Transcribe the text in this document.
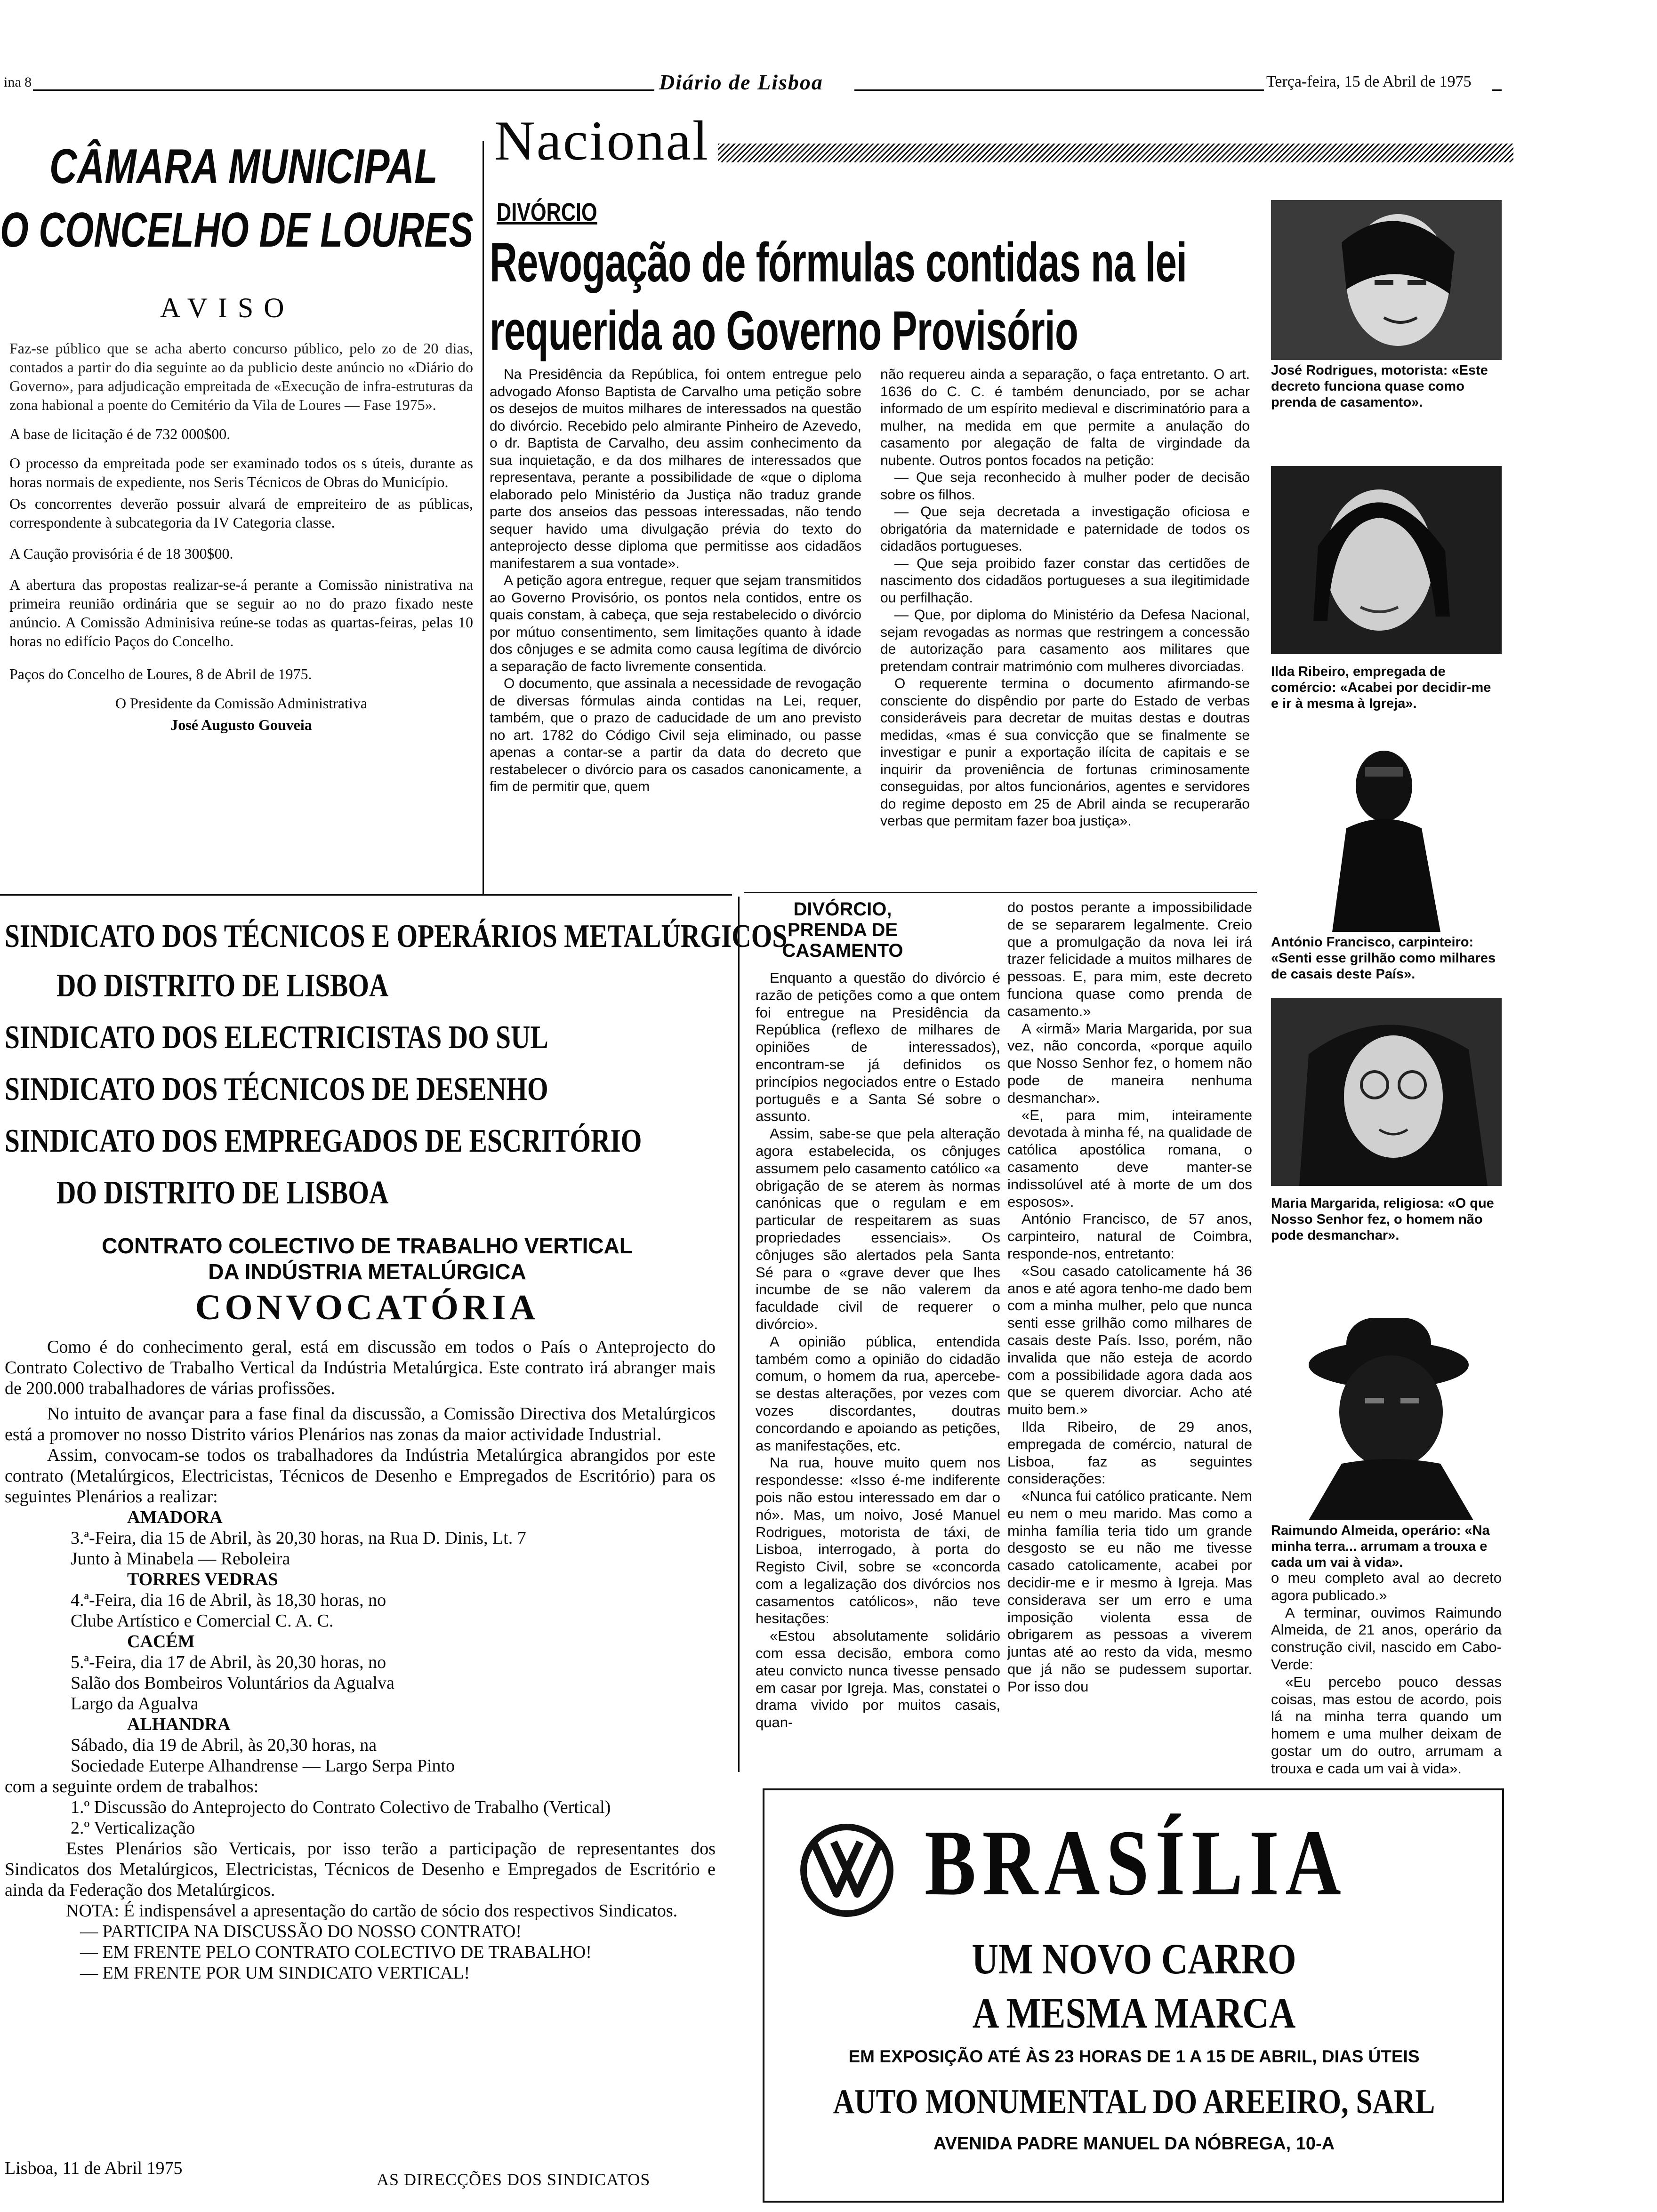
ina 8	Diário de Lisboa	Terça-feira, 15 de Abril de 1975
CÂMARA MUNICIPAL
O CONCELHO DE LOURES
AVISO

Faz-se público que se acha aberto concurso público, pelo zo de 20 dias, contados a partir do dia seguinte ao da publicio deste anúncio no «Diário do Governo», para adjudicação empreitada de «Execução de infra-estruturas da zona habional a poente do Cemitério da Vila de Loures — Fase 1975».

A base de licitação é de 732 000$00.

O processo da empreitada pode ser examinado todos os s úteis, durante as horas normais de expediente, nos Seris Técnicos de Obras do Município.

Os concorrentes deverão possuir alvará de empreiteiro de as públicas, correspondente à subcategoria da IV Categoria classe.

A Caução provisória é de 18 300$00.

A abertura das propostas realizar-se-á perante a Comissão ninistrativa na primeira reunião ordinária que se seguir ao no do prazo fixado neste anúncio. A Comissão Adminisiva reúne-se todas as quartas-feiras, pelas 10 horas no edifício Paços do Concelho.

Paços do Concelho de Loures, 8 de Abril de 1975.

O Presidente da Comissão Administrativa

José Augusto Gouveia

Nacional
DIVÓRCIO
Revogação de fórmulas contidas na lei
requerida ao Governo Provisório

Na Presidência da República, foi ontem entregue pelo advogado Afonso Baptista de Carvalho uma petição sobre os desejos de muitos milhares de interessados na questão do divórcio. Recebido pelo almirante Pinheiro de Azevedo, o dr. Baptista de Carvalho, deu assim conhecimento da sua inquietação, e da dos milhares de interessados que representava, perante a possibilidade de «que o diploma elaborado pelo Ministério da Justiça não traduz grande parte dos anseios das pessoas interessadas, não tendo sequer havido uma divulgação prévia do texto do anteprojecto desse diploma que permitisse aos cidadãos manifestarem a sua vontade».

A petição agora entregue, requer que sejam transmitidos ao Governo Provisório, os pontos nela contidos, entre os quais constam, à cabeça, que seja restabelecido o divórcio por mútuo consentimento, sem limitações quanto à idade dos cônjuges e se admita como causa legítima de divórcio a separação de facto livremente consentida.

O documento, que assinala a necessidade de revogação de diversas fórmulas ainda contidas na Lei, requer, também, que o prazo de caducidade de um ano previsto no art. 1782 do Código Civil seja eliminado, ou passe apenas a contar-se a partir da data do decreto que restabelecer o divórcio para os casados canonicamente, a fim de permitir que, quem

não requereu ainda a separação, o faça entretanto. O art. 1636 do C. C. é também denunciado, por se achar informado de um espírito medieval e discriminatório para a mulher, na medida em que permite a anulação do casamento por alegação de falta de virgindade da nubente. Outros pontos focados na petição:

— Que seja reconhecido à mulher poder de decisão sobre os filhos.

— Que seja decretada a investigação oficiosa e obrigatória da maternidade e paternidade de todos os cidadãos portugueses.

— Que seja proibido fazer constar das certidões de nascimento dos cidadãos portugueses a sua ilegitimidade ou perfilhação.

— Que, por diploma do Ministério da Defesa Nacional, sejam revogadas as normas que restringem a concessão de autorização para casamento aos militares que pretendam contrair matrimónio com mulheres divorciadas.

O requerente termina o documento afirmando-se consciente do dispêndio por parte do Estado de verbas consideráveis para decretar de muitas destas e doutras medidas, «mas é sua convicção que se finalmente se investigar e punir a exportação ilícita de capitais e se inquirir da proveniência de fortunas criminosamente conseguidas, por altos funcionários, agentes e servidores do regime deposto em 25 de Abril ainda se recuperarão verbas que permitam fazer boa justiça».

José Rodrigues, motorista: «Este decreto funciona quase como prenda de casamento».
Ilda Ribeiro, empregada de comércio: «Acabei por decidir-me e ir à mesma à Igreja».
António Francisco, carpinteiro: «Senti esse grilhão como milhares de casais deste País».
Maria Margarida, religiosa: «O que Nosso Senhor fez, o homem não pode desmanchar».
Raimundo Almeida, operário: «Na minha terra... arrumam a trouxa e cada um vai à vida».
DIVÓRCIO, PRENDA DE CASAMENTO

Enquanto a questão do divórcio é razão de petições como a que ontem foi entregue na Presidência da República (reflexo de milhares de opiniões de interessados), encontram-se já definidos os princípios negociados entre o Estado português e a Santa Sé sobre o assunto.

Assim, sabe-se que pela alteração agora estabelecida, os cônjuges assumem pelo casamento católico «a obrigação de se aterem às normas canónicas que o regulam e em particular de respeitarem as suas propriedades essenciais». Os cônjuges são alertados pela Santa Sé para o «grave dever que lhes incumbe de se não valerem da faculdade civil de requerer o divórcio».

A opinião pública, entendida também como a opinião do cidadão comum, o homem da rua, apercebe-se destas alterações, por vezes com vozes discordantes, doutras concordando e apoiando as petições, as manifestações, etc.

Na rua, houve muito quem nos respondesse: «Isso é-me indiferente pois não estou interessado em dar o nó». Mas, um noivo, José Manuel Rodrigues, motorista de táxi, de Lisboa, interrogado, à porta do Registo Civil, sobre se «concorda com a legalização dos divórcios nos casamentos católicos», não teve hesitações:

«Estou absolutamente solidário com essa decisão, embora como ateu convicto nunca tivesse pensado em casar por Igreja. Mas, constatei o drama vivido por muitos casais, quan-

do postos perante a impossibilidade de se separarem legalmente. Creio que a promulgação da nova lei irá trazer felicidade a muitos milhares de pessoas. E, para mim, este decreto funciona quase como prenda de casamento.»

A «irmã» Maria Margarida, por sua vez, não concorda, «porque aquilo que Nosso Senhor fez, o homem não pode de maneira nenhuma desmanchar».

«E, para mim, inteiramente devotada à minha fé, na qualidade de católica apostólica romana, o casamento deve manter-se indissolúvel até à morte de um dos esposos».

António Francisco, de 57 anos, carpinteiro, natural de Coimbra, responde-nos, entretanto:

«Sou casado catolicamente há 36 anos e até agora tenho-me dado bem com a minha mulher, pelo que nunca senti esse grilhão como milhares de casais deste País. Isso, porém, não invalida que não esteja de acordo com a possibilidade agora dada aos que se querem divorciar. Acho até muito bem.»

Ilda Ribeiro, de 29 anos, empregada de comércio, natural de Lisboa, faz as seguintes considerações:

«Nunca fui católico praticante. Nem eu nem o meu marido. Mas como a minha família teria tido um grande desgosto se eu não me tivesse casado catolicamente, acabei por decidir-me e ir mesmo à Igreja. Mas considerava ser um erro e uma imposição violenta essa de obrigarem as pessoas a viverem juntas até ao resto da vida, mesmo que já não se pudessem suportar. Por isso dou

o meu completo aval ao decreto agora publicado.»

A terminar, ouvimos Raimundo Almeida, de 21 anos, operário da construção civil, nascido em Cabo-Verde:

«Eu percebo pouco dessas coisas, mas estou de acordo, pois lá na minha terra quando um homem e uma mulher deixam de gostar um do outro, arrumam a trouxa e cada um vai à vida».

SINDICATO DOS TÉCNICOS E OPERÁRIOS METALÚRGICOS
DO DISTRITO DE LISBOA
SINDICATO DOS ELECTRICISTAS DO SUL
SINDICATO DOS TÉCNICOS DE DESENHO
SINDICATO DOS EMPREGADOS DE ESCRITÓRIO
DO DISTRITO DE LISBOA
CONTRATO COLECTIVO DE TRABALHO VERTICAL
DA INDÚSTRIA METALÚRGICA
CONVOCATÓRIA

Como é do conhecimento geral, está em discussão em todos o País o Anteprojecto do Contrato Colectivo de Trabalho Vertical da Indústria Metalúrgica. Este contrato irá abranger mais de 200.000 trabalhadores de várias profissões.

No intuito de avançar para a fase final da discussão, a Comissão Directiva dos Metalúrgicos está a promover no nosso Distrito vários Plenários nas zonas da maior actividade Industrial.

Assim, convocam-se todos os trabalhadores da Indústria Metalúrgica abrangidos por este contrato (Metalúrgicos, Electricistas, Técnicos de Desenho e Empregados de Escritório) para os seguintes Plenários a realizar:

AMADORA

3.ª-Feira, dia 15 de Abril, às 20,30 horas, na Rua D. Dinis, Lt. 7

Junto à Minabela — Reboleira

TORRES VEDRAS

4.ª-Feira, dia 16 de Abril, às 18,30 horas, no

Clube Artístico e Comercial C. A. C.

CACÉM

5.ª-Feira, dia 17 de Abril, às 20,30 horas, no

Salão dos Bombeiros Voluntários da Agualva

Largo da Agualva

ALHANDRA

Sábado, dia 19 de Abril, às 20,30 horas, na

Sociedade Euterpe Alhandrense — Largo Serpa Pinto

com a seguinte ordem de trabalhos:

1.º Discussão do Anteprojecto do Contrato Colectivo de Trabalho (Vertical)

2.º Verticalização

Estes Plenários são Verticais, por isso terão a participação de representantes dos Sindicatos dos Metalúrgicos, Electricistas, Técnicos de Desenho e Empregados de Escritório e ainda da Federação dos Metalúrgicos.

NOTA: É indispensável a apresentação do cartão de sócio dos respectivos Sindicatos.

— PARTICIPA NA DISCUSSÃO DO NOSSO CONTRATO!

— EM FRENTE PELO CONTRATO COLECTIVO DE TRABALHO!

— EM FRENTE POR UM SINDICATO VERTICAL!

Lisboa, 11 de Abril 1975
AS DIRECÇÕES DOS SINDICATOS
BRASÍLIA
UM NOVO CARRO
A MESMA MARCA
EM EXPOSIÇÃO ATÉ ÀS 23 HORAS DE 1 A 15 DE ABRIL, DIAS ÚTEIS
AUTO MONUMENTAL DO AREEIRO, SARL
AVENIDA PADRE MANUEL DA NÓBREGA, 10-A
